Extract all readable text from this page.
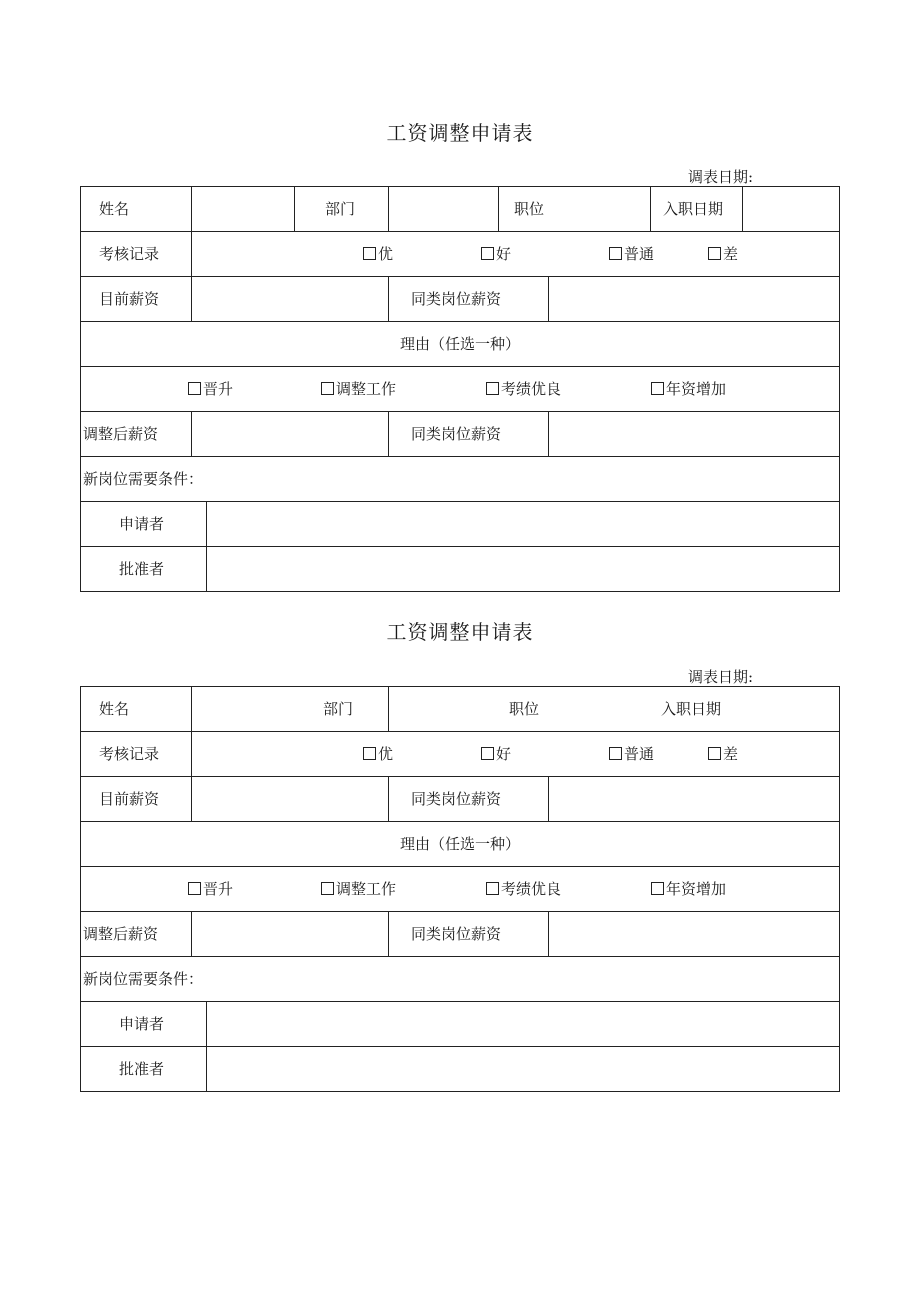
工资调整申请表
调表日期:
姓名	部门	职位	入职日期
考核记录	优	好	普通	差
目前薪资	同类岗位薪资
理由（任选一种）
晋升	调整工作	考绩优良	年资增加
调整后薪资	同类岗位薪资
新岗位需要条件：
申请者
批准者
工资调整申请表
调表日期:
姓名	部门	职位	入职日期
考核记录	优	好	普通	差
目前薪资	同类岗位薪资
理由（任选一种）
晋升	调整工作	考绩优良	年资增加
调整后薪资	同类岗位薪资
新岗位需要条件：
申请者
批准者
